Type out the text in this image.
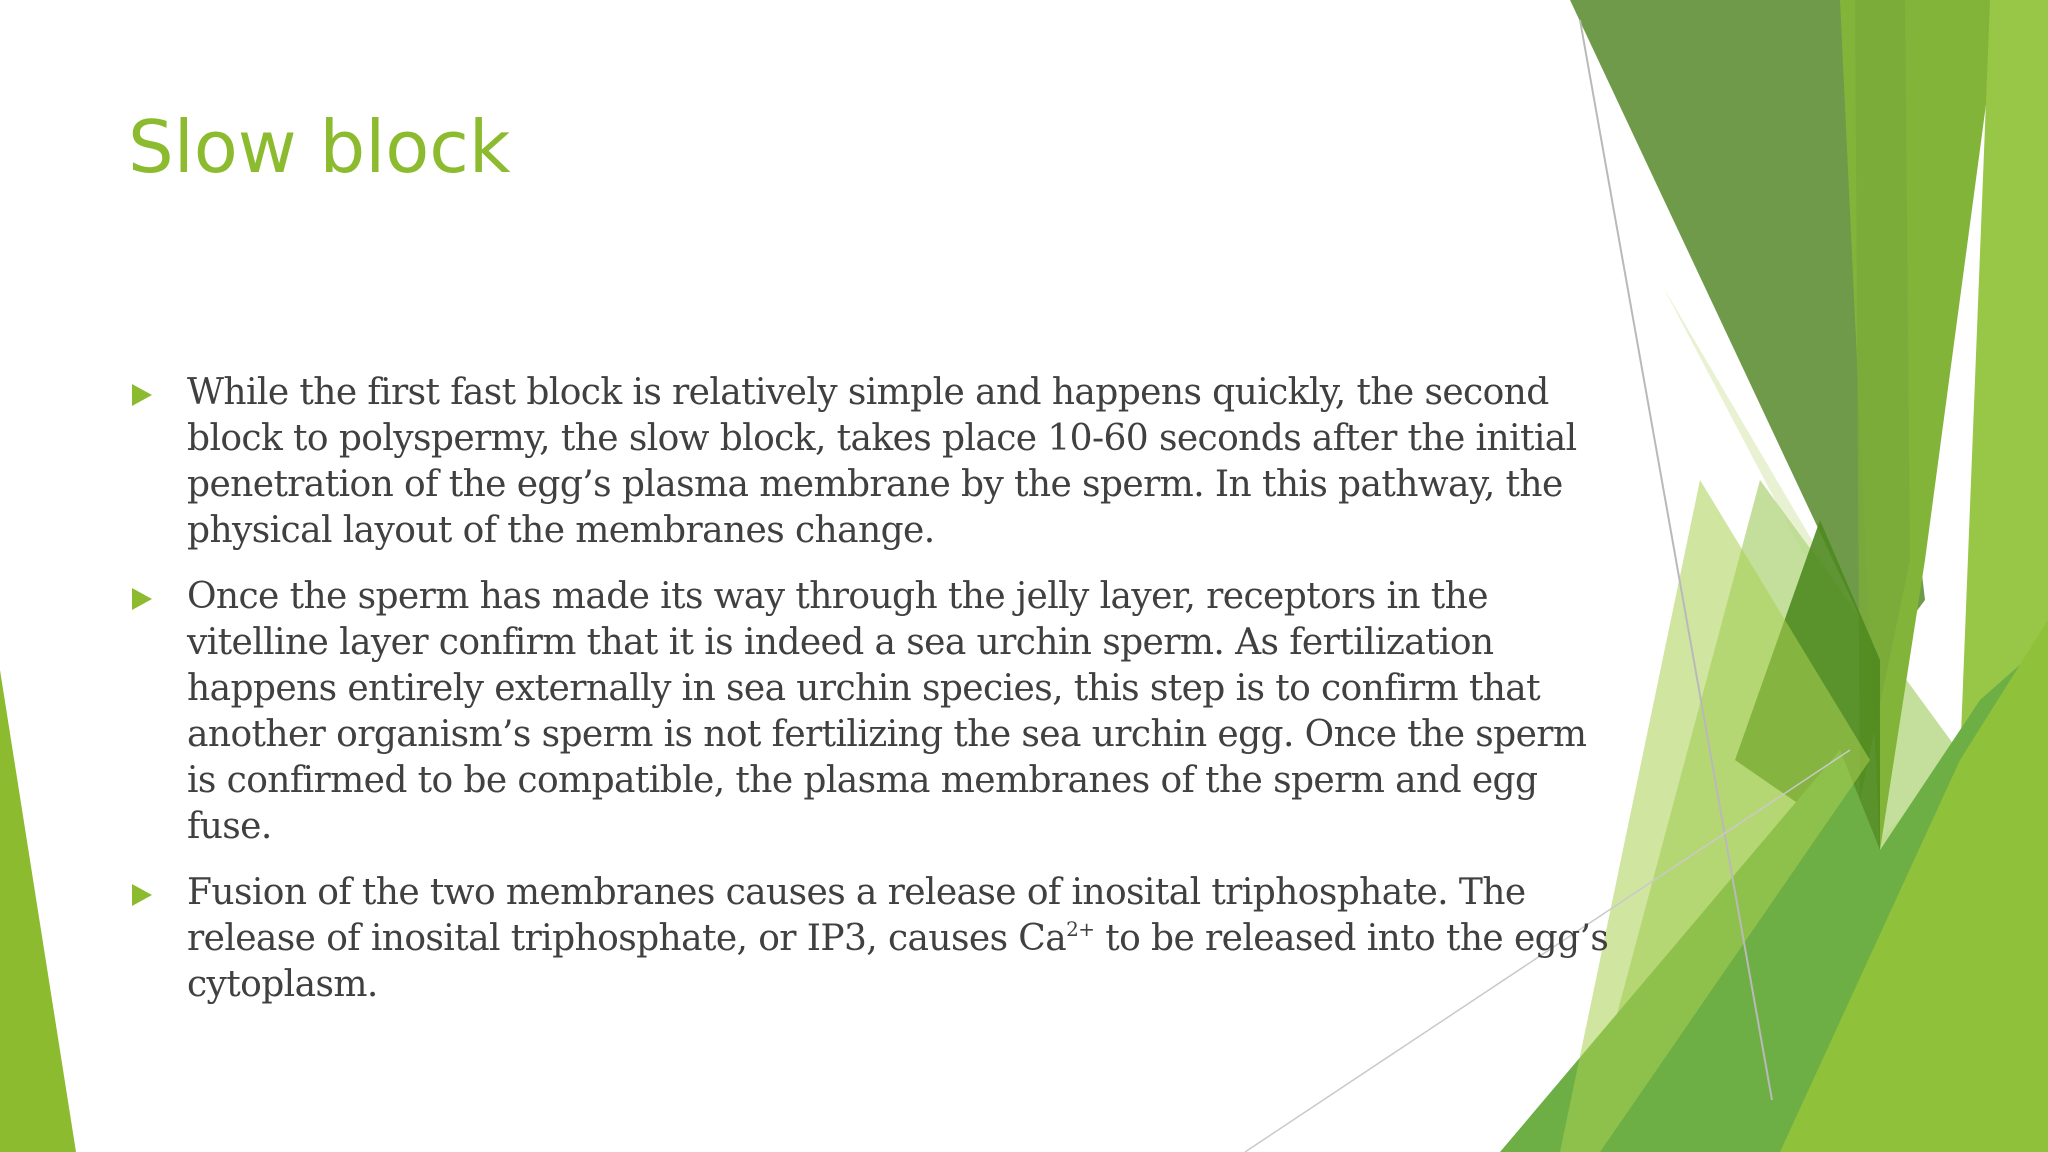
Slow block
While the first fast block is relatively simple and happens quickly, the second
block to polyspermy, the slow block, takes place 10-60 seconds after the initial
penetration of the egg’s plasma membrane by the sperm. In this pathway, the
physical layout of the membranes change.
Once the sperm has made its way through the jelly layer, receptors in the
vitelline layer confirm that it is indeed a sea urchin sperm. As fertilization
happens entirely externally in sea urchin species, this step is to confirm that
another organism’s sperm is not fertilizing the sea urchin egg. Once the sperm
is confirmed to be compatible, the plasma membranes of the sperm and egg
fuse.
Fusion of the two membranes causes a release of inosital triphosphate. The
release of inosital triphosphate, or IP3, causes $Ca^{2+}$ to be released into the egg’s
cytoplasm.
